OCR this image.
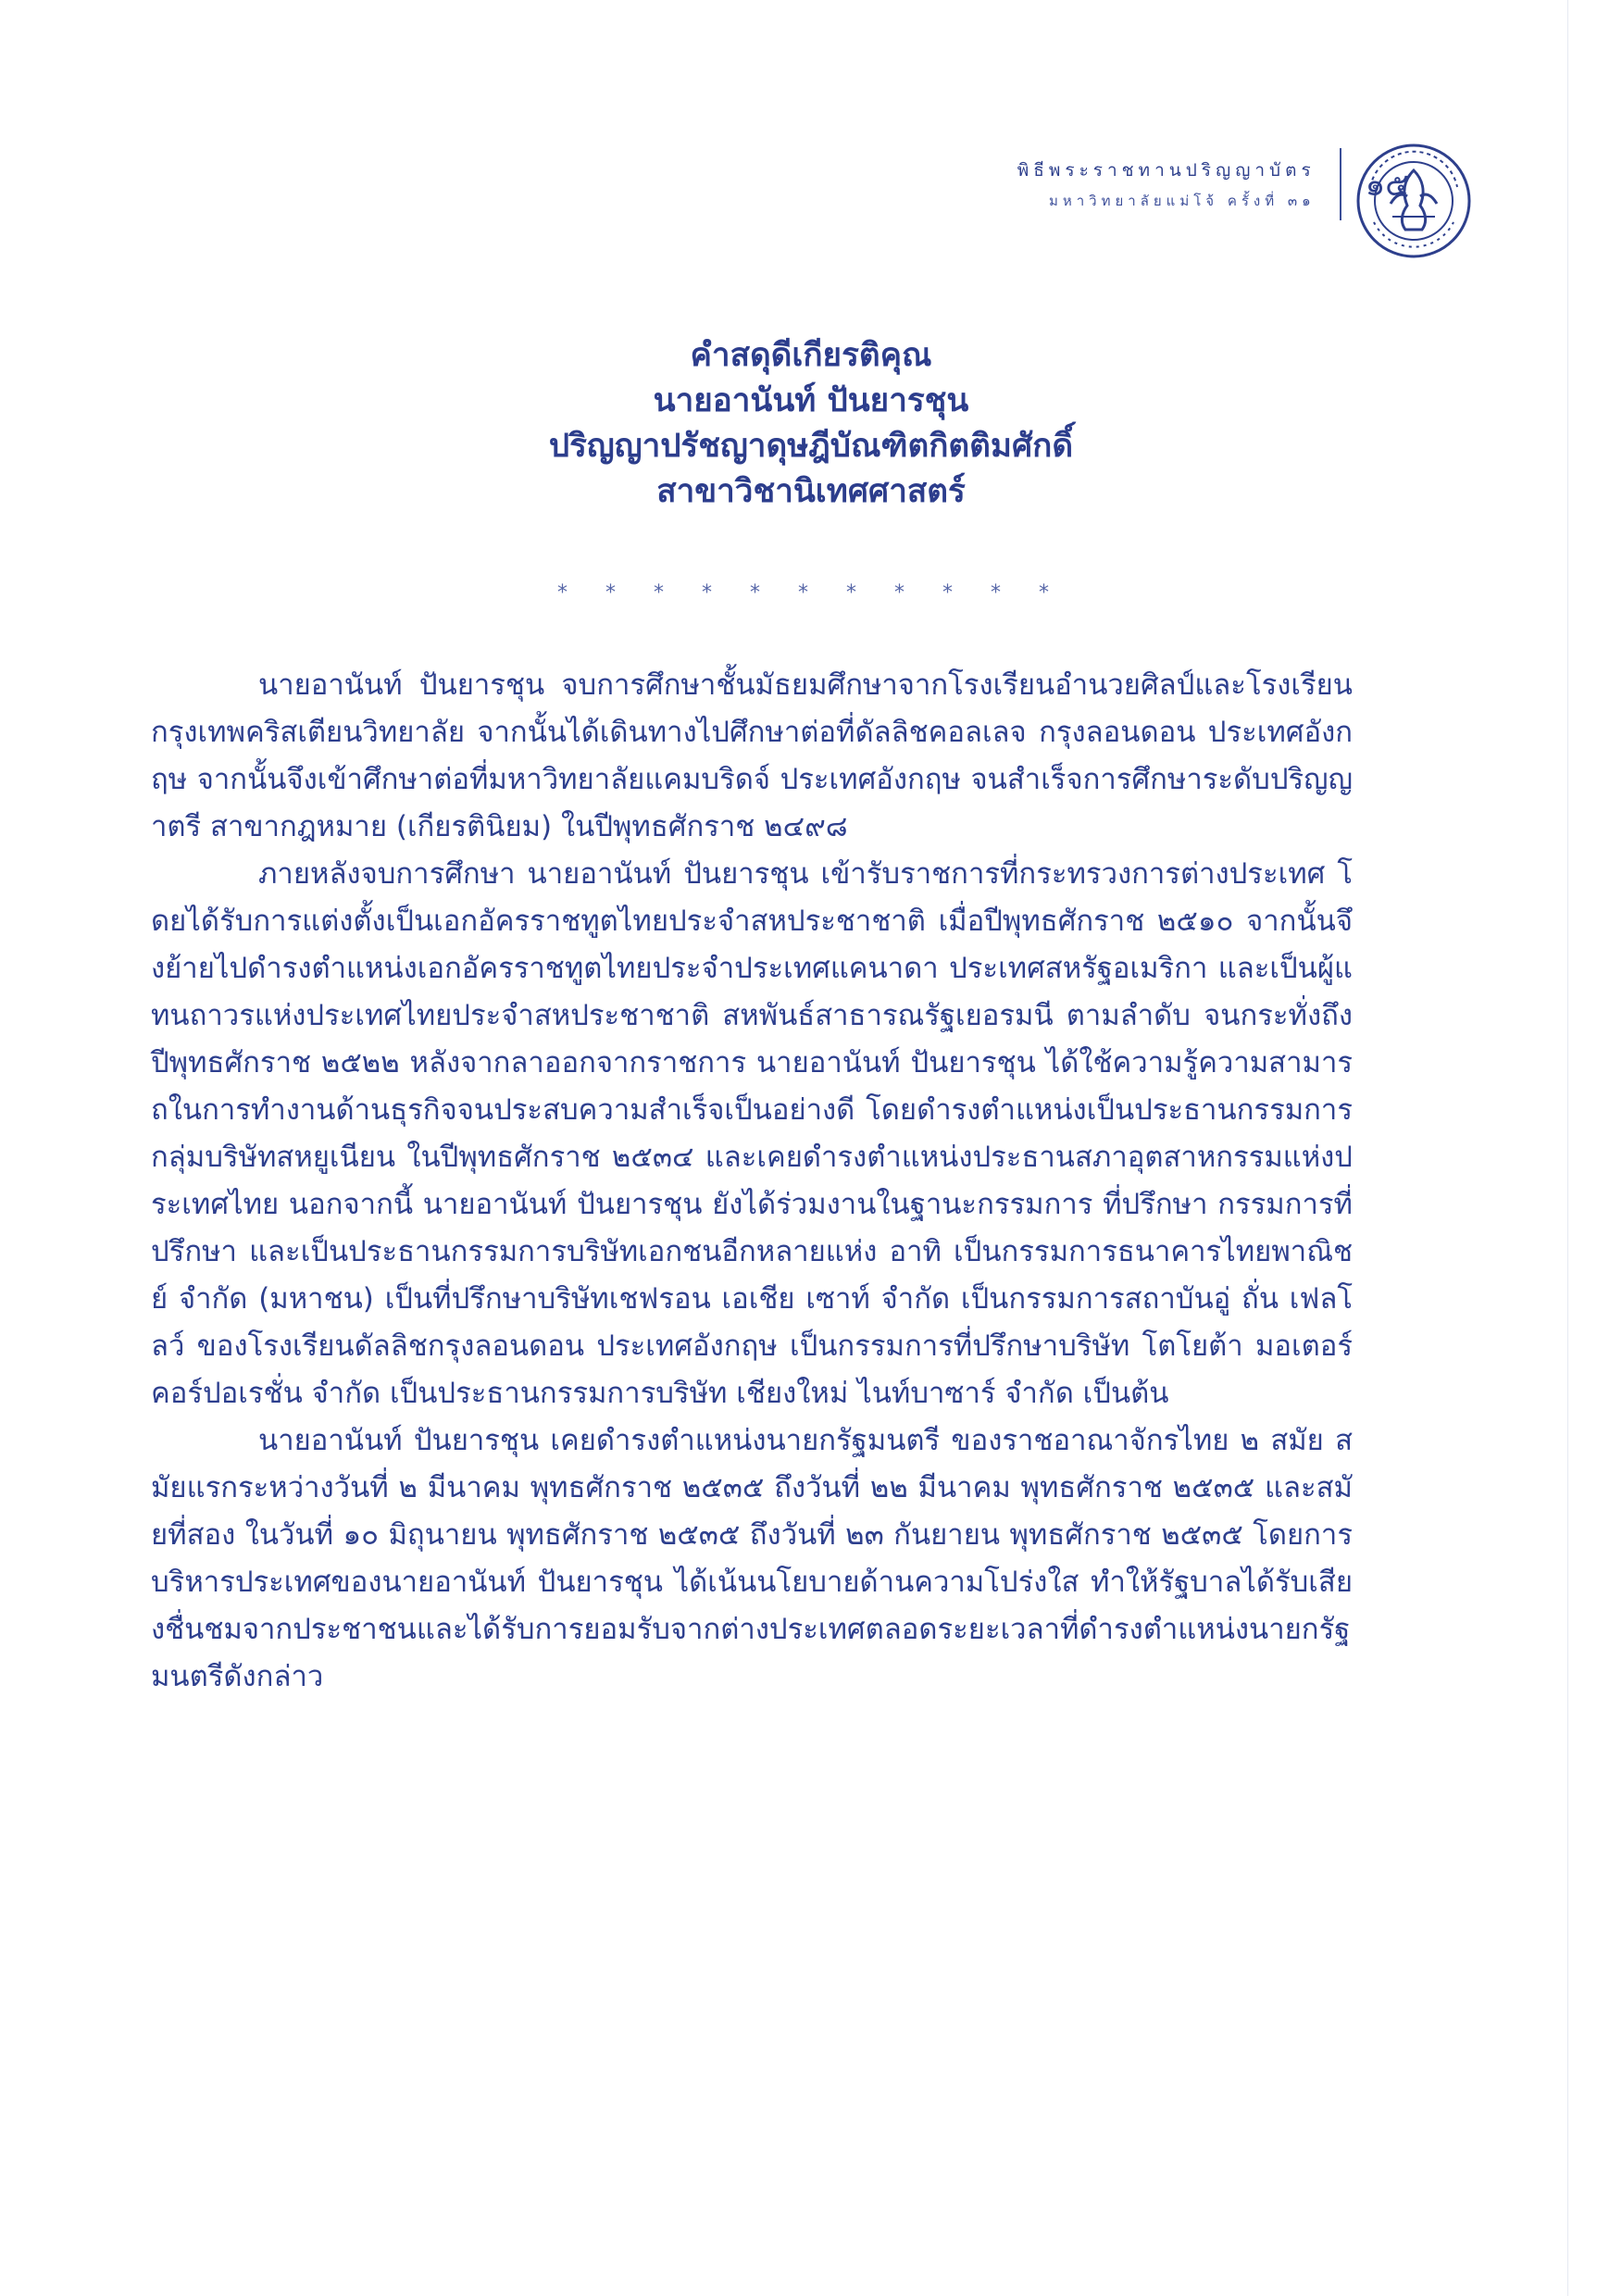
พิธีพระราชทานปริญญาบัตร
มหาวิทยาลัยแม่โจ้ ครั้งที่ ๓๑	๑๕

คำสดุดีเกียรติคุณ

นายอานันท์ ปันยารชุน

ปริญญาปรัชญาดุษฎีบัณฑิตกิตติมศักดิ์

สาขาวิชานิเทศศาสตร์

* * * * * * * * * * *

นายอานันท์ ปันยารชุน จบการศึกษาชั้นมัธยมศึกษาจากโรงเรียนอำนวยศิลป์และโรงเรียนกรุงเทพคริสเตียนวิทยาลัย จากนั้นได้เดินทางไปศึกษาต่อที่ดัลลิชคอลเลจ กรุงลอนดอน ประเทศอังกฤษ จากนั้นจึงเข้าศึกษาต่อที่มหาวิทยาลัยแคมบริดจ์ ประเทศอังกฤษ จนสำเร็จการศึกษาระดับปริญญาตรี สาขากฎหมาย (เกียรตินิยม) ในปีพุทธศักราช ๒๔๙๘

ภายหลังจบการศึกษา นายอานันท์ ปันยารชุน เข้ารับราชการที่กระทรวงการต่างประเทศ โดยได้รับการแต่งตั้งเป็นเอกอัครราชทูตไทยประจำสหประชาชาติ เมื่อปีพุทธศักราช ๒๕๑๐ จากนั้นจึงย้ายไปดำรงตำแหน่งเอกอัครราชทูตไทยประจำประเทศแคนาดา ประเทศสหรัฐอเมริกา และเป็นผู้แทนถาวรแห่งประเทศไทยประจำสหประชาชาติ สหพันธ์สาธารณรัฐเยอรมนี ตามลำดับ จนกระทั่งถึงปีพุทธศักราช ๒๕๒๒ หลังจากลาออกจากราชการ นายอานันท์ ปันยารชุน ได้ใช้ความรู้ความสามารถในการทำงานด้านธุรกิจจนประสบความสำเร็จเป็นอย่างดี โดยดำรงตำแหน่งเป็นประธานกรรมการกลุ่มบริษัทสหยูเนียน ในปีพุทธศักราช ๒๕๓๔ และเคยดำรงตำแหน่งประธานสภาอุตสาหกรรมแห่งประเทศไทย นอกจากนี้ นายอานันท์ ปันยารชุน ยังได้ร่วมงานในฐานะกรรมการ ที่ปรึกษา กรรมการที่ปรึกษา และเป็นประธานกรรมการบริษัทเอกชนอีกหลายแห่ง อาทิ เป็นกรรมการธนาคารไทยพาณิชย์ จำกัด (มหาชน) เป็นที่ปรึกษาบริษัทเชฟรอน เอเชีย เซาท์ จำกัด เป็นกรรมการสถาบันอู่ ถั่น เฟลโลว์ ของโรงเรียนดัลลิชกรุงลอนดอน ประเทศอังกฤษ เป็นกรรมการที่ปรึกษาบริษัท โตโยต้า มอเตอร์ คอร์ปอเรชั่น จำกัด เป็นประธานกรรมการบริษัท เชียงใหม่ ไนท์บาซาร์ จำกัด เป็นต้น

นายอานันท์ ปันยารชุน เคยดำรงตำแหน่งนายกรัฐมนตรี ของราชอาณาจักรไทย ๒ สมัย สมัยแรกระหว่างวันที่ ๒ มีนาคม พุทธศักราช ๒๕๓๕ ถึงวันที่ ๒๒ มีนาคม พุทธศักราช ๒๕๓๕ และสมัยที่สอง ในวันที่ ๑๐ มิถุนายน พุทธศักราช ๒๕๓๕ ถึงวันที่ ๒๓ กันยายน พุทธศักราช ๒๕๓๕ โดยการบริหารประเทศของนายอานันท์ ปันยารชุน ได้เน้นนโยบายด้านความโปร่งใส ทำให้รัฐบาลได้รับเสียงชื่นชมจากประชาชนและได้รับการยอมรับจากต่างประเทศตลอดระยะเวลาที่ดำรงตำแหน่งนายกรัฐมนตรีดังกล่าว
